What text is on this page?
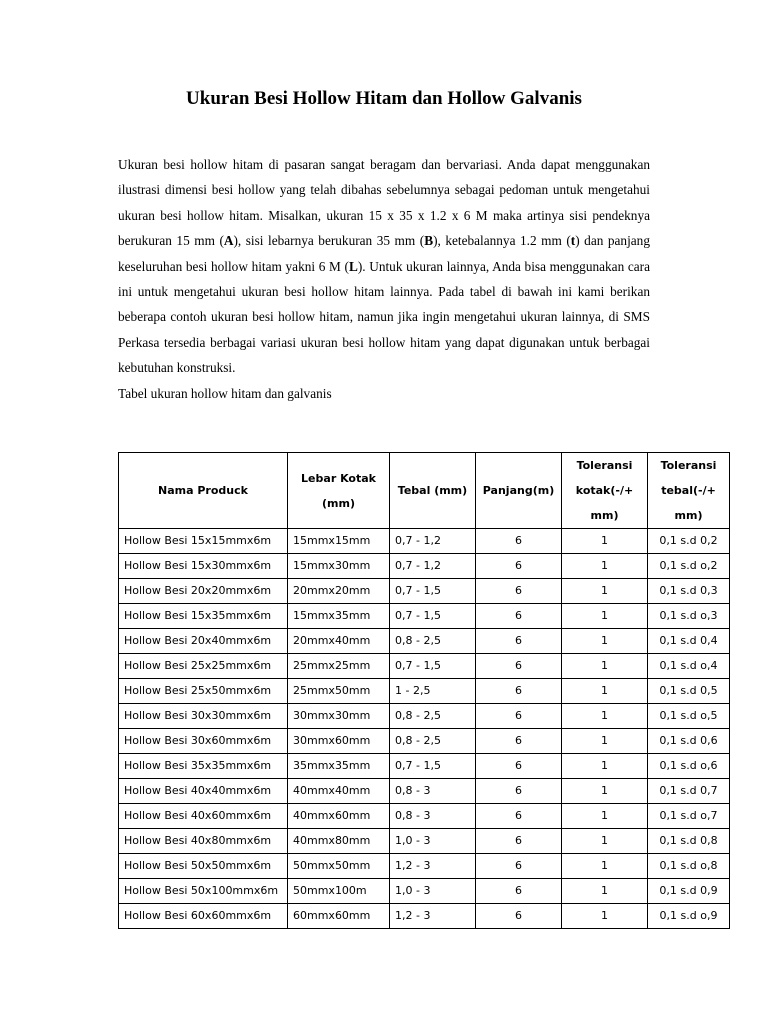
Ukuran Besi Hollow Hitam dan Hollow Galvanis

Ukuran besi hollow hitam di pasaran sangat beragam dan bervariasi. Anda dapat menggunakan ilustrasi dimensi besi hollow yang telah dibahas sebelumnya sebagai pedoman untuk mengetahui ukuran besi hollow hitam. Misalkan, ukuran 15 x 35 x 1.2 x 6 M maka artinya sisi pendeknya berukuran 15 mm (A), sisi lebarnya berukuran 35 mm (B), ketebalannya 1.2 mm (t) dan panjang keseluruhan besi hollow hitam yakni 6 M (L). Untuk ukuran lainnya, Anda bisa menggunakan cara ini untuk mengetahui ukuran besi hollow hitam lainnya. Pada tabel di bawah ini kami berikan beberapa contoh ukuran besi hollow hitam, namun jika ingin mengetahui ukuran lainnya, di SMS Perkasa tersedia berbagai variasi ukuran besi hollow hitam yang dapat digunakan untuk berbagai kebutuhan konstruksi.

Tabel ukuran hollow hitam dan galvanis

Nama Produck	Lebar Kotak (mm)	Tebal (mm)	Panjang(m)	Toleransi kotak(-/+ mm)	Toleransi tebal(-/+ mm)
Hollow Besi 15x15mmx6m	15mmx15mm	0,7 - 1,2	6	1	0,1 s.d 0,2
Hollow Besi 15x30mmx6m	15mmx30mm	0,7 - 1,2	6	1	0,1 s.d o,2
Hollow Besi 20x20mmx6m	20mmx20mm	0,7 - 1,5	6	1	0,1 s.d 0,3
Hollow Besi 15x35mmx6m	15mmx35mm	0,7 - 1,5	6	1	0,1 s.d o,3
Hollow Besi 20x40mmx6m	20mmx40mm	0,8 - 2,5	6	1	0,1 s.d 0,4
Hollow Besi 25x25mmx6m	25mmx25mm	0,7 - 1,5	6	1	0,1 s.d o,4
Hollow Besi 25x50mmx6m	25mmx50mm	1 - 2,5	6	1	0,1 s.d 0,5
Hollow Besi 30x30mmx6m	30mmx30mm	0,8 - 2,5	6	1	0,1 s.d o,5
Hollow Besi 30x60mmx6m	30mmx60mm	0,8 - 2,5	6	1	0,1 s.d 0,6
Hollow Besi 35x35mmx6m	35mmx35mm	0,7 - 1,5	6	1	0,1 s.d o,6
Hollow Besi 40x40mmx6m	40mmx40mm	0,8 - 3	6	1	0,1 s.d 0,7
Hollow Besi 40x60mmx6m	40mmx60mm	0,8 - 3	6	1	0,1 s.d o,7
Hollow Besi 40x80mmx6m	40mmx80mm	1,0 - 3	6	1	0,1 s.d 0,8
Hollow Besi 50x50mmx6m	50mmx50mm	1,2 - 3	6	1	0,1 s.d o,8
Hollow Besi 50x100mmx6m	50mmx100m	1,0 - 3	6	1	0,1 s.d 0,9
Hollow Besi 60x60mmx6m	60mmx60mm	1,2 - 3	6	1	0,1 s.d o,9
